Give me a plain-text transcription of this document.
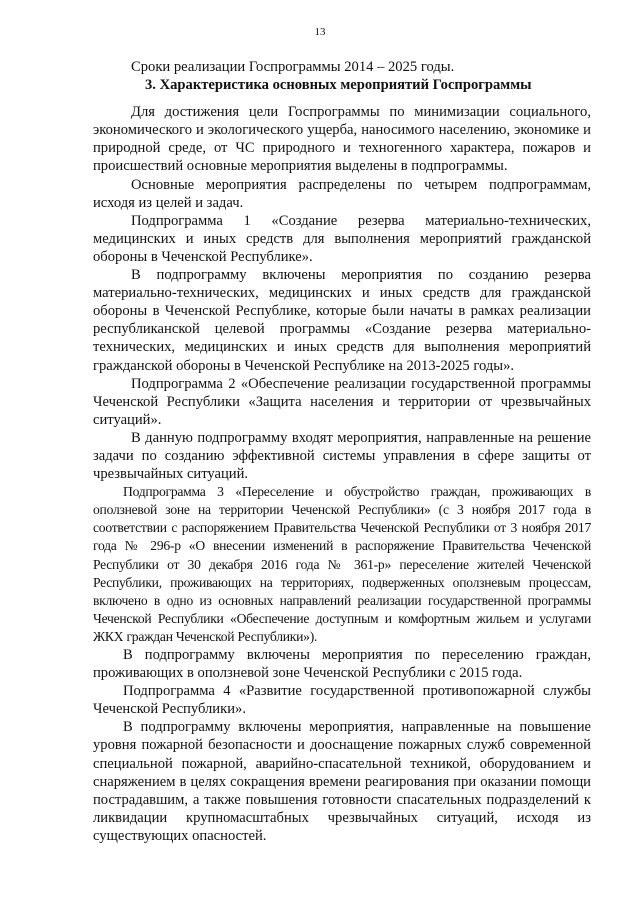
13

Сроки реализации Госпрограммы 2014 – 2025 годы.

3. Характеристика основных мероприятий Госпрограммы

Для достижения цели Госпрограммы по минимизации социального, экономического и экологического ущерба, наносимого населению, экономике и природной среде, от ЧС природного и техногенного характера, пожаров и происшествий основные мероприятия выделены в подпрограммы.

Основные мероприятия распределены по четырем подпрограммам, исходя из целей и задач.

Подпрограмма 1 «Создание резерва материально-технических, медицинских и иных средств для выполнения мероприятий гражданской обороны в Чеченской Республике».

В подпрограмму включены мероприятия по созданию резерва материально-технических, медицинских и иных средств для гражданской обороны в Чеченской Республике, которые были начаты в рамках реализации республиканской целевой программы «Создание резерва материально-технических, медицинских и иных средств для выполнения мероприятий гражданской обороны в Чеченской Республике на 2013-2025 годы».

Подпрограмма 2 «Обеспечение реализации государственной программы Чеченской Республики «Защита населения и территории от чрезвычайных ситуаций».

В данную подпрограмму входят мероприятия, направленные на решение задачи по созданию эффективной системы управления в сфере защиты от чрезвычайных ситуаций.

Подпрограмма 3 «Переселение и обустройство граждан, проживающих в оползневой зоне на территории Чеченской Республики» (с 3 ноября 2017 года в соответствии с распоряжением Правительства Чеченской Республики от 3 ноября 2017 года № 296-р «О внесении изменений в распоряжение Правительства Чеченской Республики от 30 декабря 2016 года № 361-р» переселение жителей Чеченской Республики, проживающих на территориях, подверженных оползневым процессам, включено в одно из основных направлений реализации государственной программы Чеченской Республики «Обеспечение доступным и комфортным жильем и услугами ЖКХ граждан Чеченской Республики»).

В подпрограмму включены мероприятия по переселению граждан, проживающих в оползневой зоне Чеченской Республики с 2015 года.

Подпрограмма 4 «Развитие государственной противопожарной службы Чеченской Республики».

В подпрограмму включены мероприятия, направленные на повышение уровня пожарной безопасности и дооснащение пожарных служб современной специальной пожарной, аварийно-спасательной техникой, оборудованием и снаряжением в целях сокращения времени реагирования при оказании помощи пострадавшим, а также повышения готовности спасательных подразделений к ликвидации крупномасштабных чрезвычайных ситуаций, исходя из существующих опасностей.
